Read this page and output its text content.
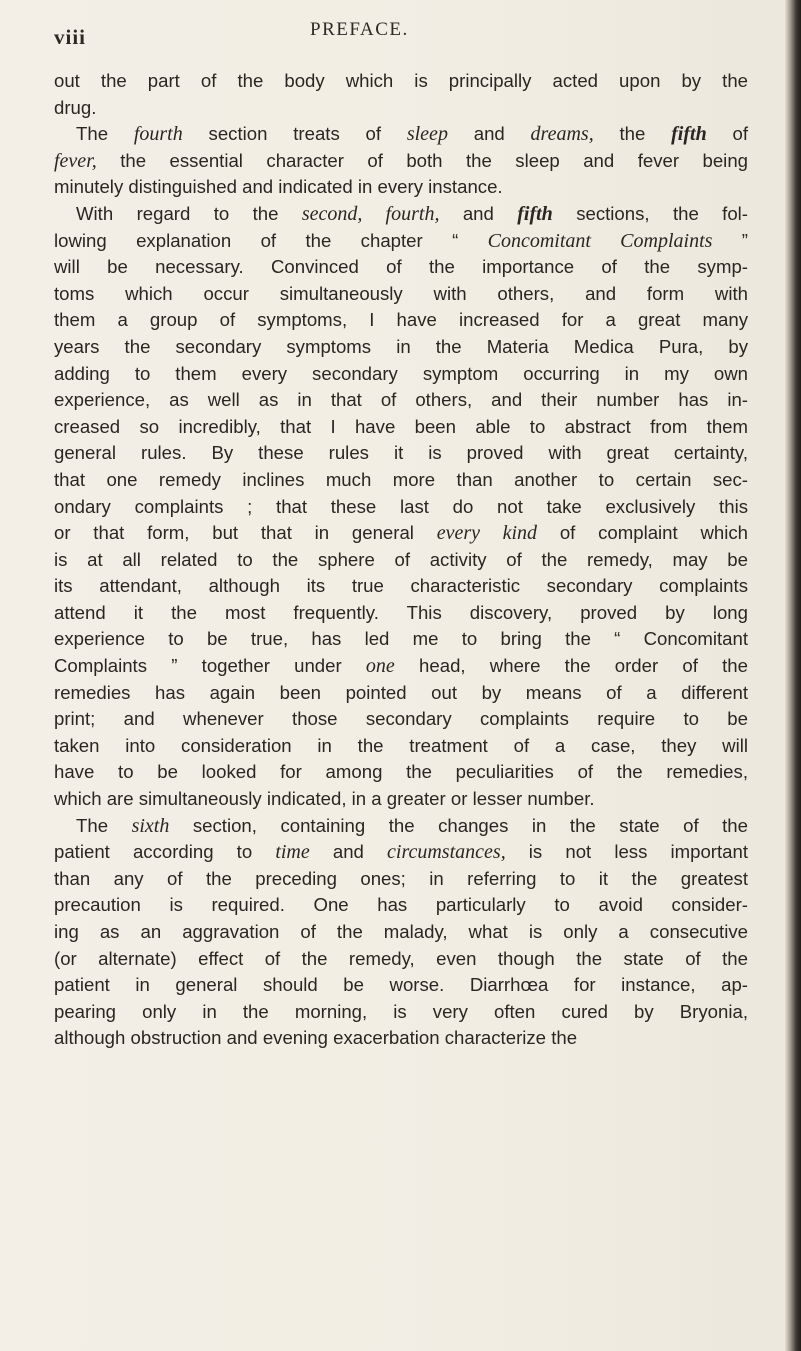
viii	PREFACE.
out the part of the body which is principally acted upon by the
drug.
The fourth section treats of sleep and dreams, the fifth of
fever, the essential character of both the sleep and fever being
minutely distinguished and indicated in every instance.
With regard to the second, fourth, and fifth sections, the fol-
lowing explanation of the chapter “ Concomitant Complaints ”
will be necessary. Convinced of the importance of the symp-
toms which occur simultaneously with others, and form with
them a group of symptoms, I have increased for a great many
years the secondary symptoms in the Materia Medica Pura, by
adding to them every secondary symptom occurring in my own
experience, as well as in that of others, and their number has in-
creased so incredibly, that I have been able to abstract from them
general rules. By these rules it is proved with great certainty,
that one remedy inclines much more than another to certain sec-
ondary complaints ; that these last do not take exclusively this
or that form, but that in general every kind of complaint which
is at all related to the sphere of activity of the remedy, may be
its attendant, although its true characteristic secondary complaints
attend it the most frequently. This discovery, proved by long
experience to be true, has led me to bring the “ Concomitant
Complaints ” together under one head, where the order of the
remedies has again been pointed out by means of a different
print; and whenever those secondary complaints require to be
taken into consideration in the treatment of a case, they will
have to be looked for among the peculiarities of the remedies,
which are simultaneously indicated, in a greater or lesser number.
The sixth section, containing the changes in the state of the
patient according to time and circumstances, is not less important
than any of the preceding ones; in referring to it the greatest
precaution is required. One has particularly to avoid consider-
ing as an aggravation of the malady, what is only a consecutive
(or alternate) effect of the remedy, even though the state of the
patient in general should be worse. Diarrhœa for instance, ap-
pearing only in the morning, is very often cured by Bryonia,
although obstruction and evening exacerbation characterize the
